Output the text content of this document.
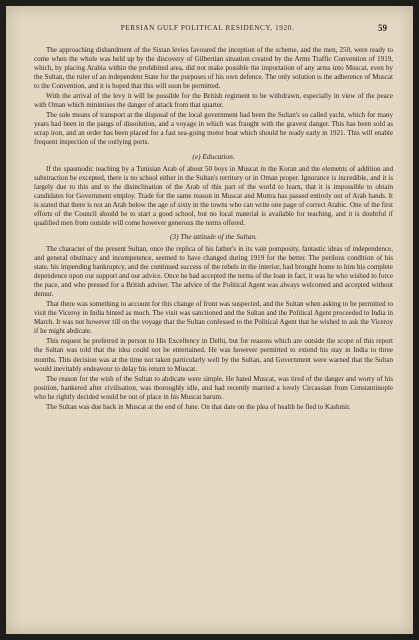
PERSIAN GULF POLITICAL RESIDENCY, 1920.	59

The approaching disbandment of the Sistan levies favoured the inception of the scheme, and the men, 250, were ready to come when the whole was held up by the discovery of Gilbertian situation created by the Arms Traffic Convention of 1919, which, by placing Arabia within the prohibited area, did not make possible the importation of any arms into Muscat, even by the Sultan, the ruler of an independent State for the purposes of his own defence. The only solution is the adherence of Muscat to the Convention, and it is hoped that this will soon be permitted.

With the arrival of the levy it will be possible for the British regiment to be withdrawn, especially in view of the peace with Oman which minimises the danger of attack from that quarter.

The sole means of transport at the disposal of the local government had been the Sultan's so called yacht, which for many years had been in the pangs of dissolution, and a voyage in which was fraught with the gravest danger. This has been sold as scrap iron, and an order has been placed for a fast sea-going motor boat which should be ready early in 1921. This will enable frequent inspection of the outlying ports.

(e) Education.

If the spasmodic teaching by a Tunisian Arab of about 50 boys in Muscat in the Koran and the elements of addition and substraction be excepted, there is no school either in the Sultan's territory or in Oman proper. Ignorance is incredible, and it is largely due to this and to the disinclination of the Arab of this part of the world to learn, that it is impossible to obtain candidates for Government employ. Trade for the same reason in Muscat and Muttra has passed entirely out of Arab hands. It is stated that there is not an Arab below the age of sixty in the towns who can write one page of correct Arabic. One of the first efforts of the Council should be to start a good school, but no local material is available for teaching, and it is doubtful if qualified men from outside will come however generous the terms offered.

(3) The attitude of the Sultan.

The character of the present Sultan, once the replica of his father's in its vain pomposity, fantastic ideas of independence, and general obstinacy and incompetence, seemed to have changed during 1919 for the better. The perilous condition of his state, his impending bankruptcy, and the continued success of the rebels in the interior, had brought home to him his complete dependence upon our support and our advice. Once he had accepted the terms of the loan in fact, it was he who wished to force the pace, and who pressed for a British adviser. The advice of the Political Agent was always welcomed and accepted without demur.

That there was something to account for this change of front was suspected, and the Sultan when asking to be permitted to visit the Viceroy in India hinted as much. The visit was sanctioned and the Sultan and the Political Agent proceeded to India in March. It was not however till on the voyage that the Sultan confessed to the Political Agent that he wished to ask the Viceroy if he might abdicate.

This request he preferred in person to His Excellency in Delhi, but for reasons which are outside the scope of this report the Sultan was told that the idea could not be entertained. He was however permitted to extend his stay in India to three months. This decision was at the time not taken particularly well by the Sultan, and Government were warned that the Sultan would inevitably endeavour to delay his return to Muscat.

The reason for the wish of the Sultan to abdicate were simple. He hated Muscat, was tired of the danger and worry of his position, hankered after civilisation, was thoroughly idle, and had recently married a lovely Circassian from Constantinople who he rightly decided would be out of place in his Muscat harum.

The Sultan was due back in Muscat at the end of June. On that date on the plea of health he fled to Kashmir.
